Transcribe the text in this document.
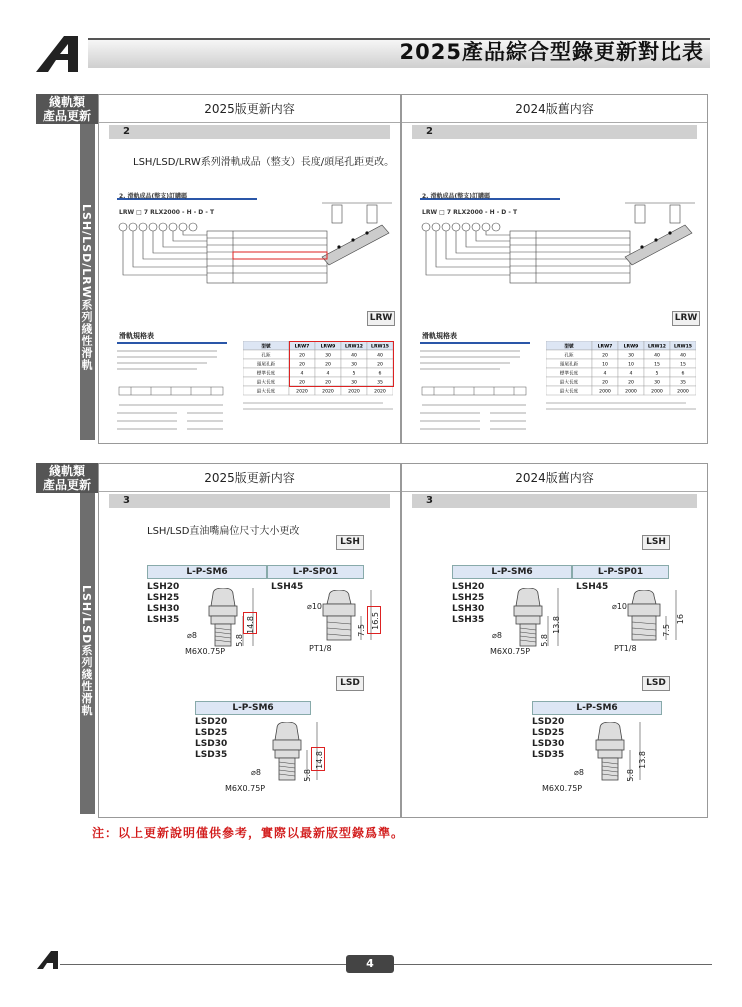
2025產品綜合型錄更新對比表
綫軌類
產品更新
LSH/LSD/LRW系列綫性滑軌
2025版更新内容
2
LSH/LSD/LRW系列滑軌成品（整支）長度/頭尾孔距更改。
2. 滑軌成品(整支)訂購碼
LRW □ 7 RLX2000 - H - D - T
LRW
滑軌規格表
型號	LRW7 LRW9 LRW12 LRW15
孔距	20	30	40	40
頭尾孔距	20	20	30	20
標準長度	4	4	5	6
最大長度	20	20	30	35
最大長度	2020	2020	2020	2020
2024版舊内容
2
2. 滑軌成品(整支)訂購碼
LRW □ 7 RLX2000 - H - D - T
LRW
滑軌規格表
型號	LRW7 LRW9 LRW12 LRW15
孔距	20	30	40	40
頭尾孔距	10	10	15	15
標準長度	4	4	5	6
最大長度	20	20	30	35
最大長度	2000	2000	2000	2000
綫軌類
產品更新
LSH/LSD系列綫性滑軌
2025版更新内容
3
LSH/LSD直油嘴扁位尺寸大小更改
LSH
L-P-SM6	L-P-SP01
LSH20
LSH25
LSH30
LSH35
LSH45
⌀8
M6X0.75P
5.8
14.8
⌀10
PT1/8
7.5
16.5
LSD
L-P-SM6
LSD20
LSD25
LSD30
LSD35
⌀8
M6X0.75P
5.8
14.8
2024版舊内容
3
LSH
L-P-SM6	L-P-SP01
LSH20
LSH25
LSH30
LSH35
LSH45
⌀8
M6X0.75P
5.8
13.8
⌀10
PT1/8
7.5
16
LSD
L-P-SM6
LSD20
LSD25
LSD30
LSD35
⌀8
M6X0.75P
5.8
13.8
注：以上更新說明僅供參考，實際以最新版型錄爲準。
4
